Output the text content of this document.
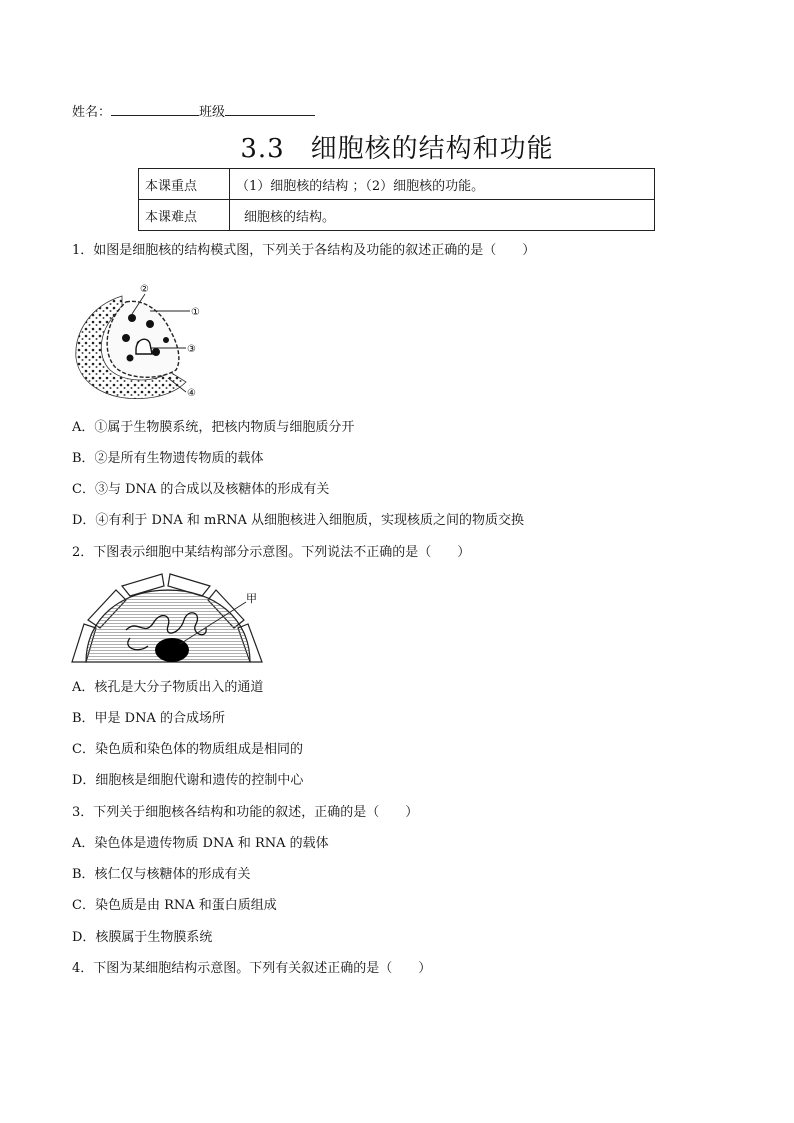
姓名：	班级
3.3 细胞核的结构和功能
本课重点	（1）细胞核的结构 ；（2）细胞核的功能。
本课难点	细胞核的结构。
1．如图是细胞核的结构模式图，下列关于各结构及功能的叙述正确的是（　　）
②
①
③
④
A．①属于生物膜系统，把核内物质与细胞质分开
B．②是所有生物遗传物质的载体
C．③与 DNA 的合成以及核糖体的形成有关
D．④有利于 DNA 和 mRNA 从细胞核进入细胞质，实现核质之间的物质交换
2．下图表示细胞中某结构部分示意图。下列说法不正确的是（　　）
甲
A．核孔是大分子物质出入的通道
B．甲是 DNA 的合成场所
C．染色质和染色体的物质组成是相同的
D．细胞核是细胞代谢和遗传的控制中心
3．下列关于细胞核各结构和功能的叙述，正确的是（　　）
A．染色体是遗传物质 DNA 和 RNA 的载体
B．核仁仅与核糖体的形成有关
C．染色质是由 RNA 和蛋白质组成
D．核膜属于生物膜系统
4．下图为某细胞结构示意图。下列有关叙述正确的是（　　）
